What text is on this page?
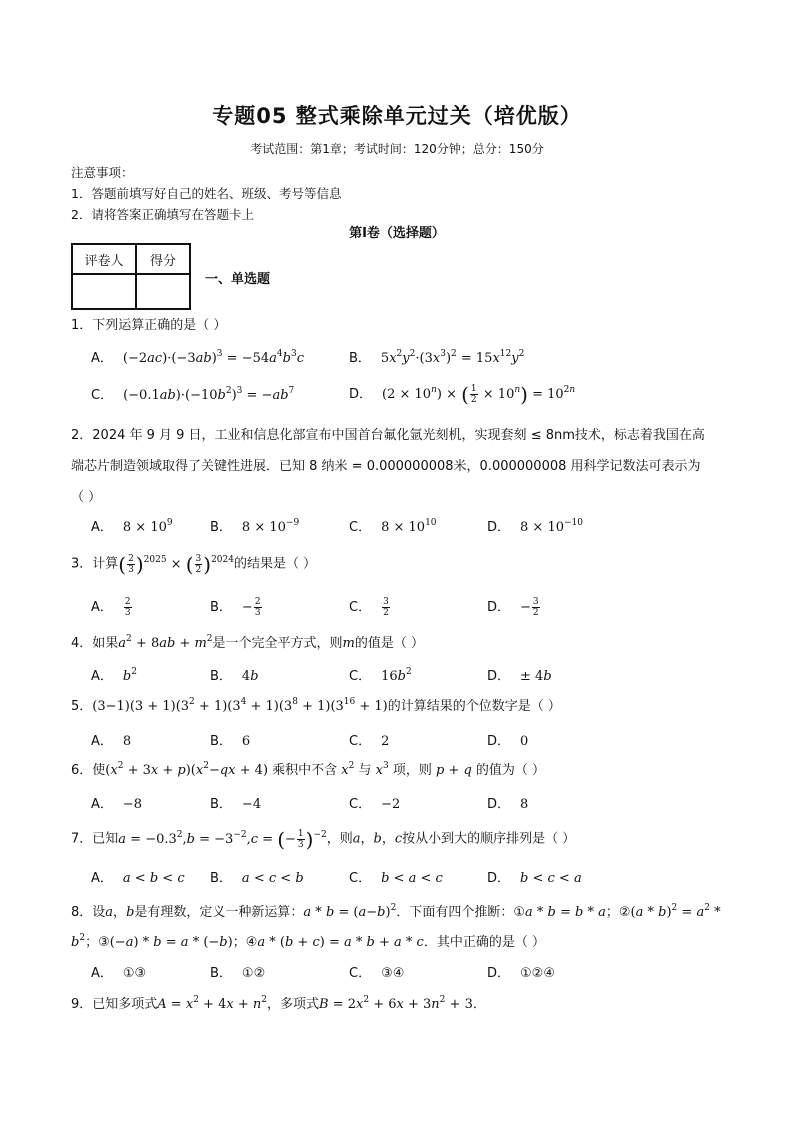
专题05 整式乘除单元过关（培优版）
考试范围：第1章；考试时间：120分钟；总分：150分
注意事项：
1．答题前填写好自己的姓名、班级、考号等信息
2．请将答案正确填写在答题卡上
第I卷（选择题）
评卷人	得分

一、单选题
1．下列运算正确的是（ ）
A． $(-2ac)\cdot(-3ab)^3 = -54a^4b^3c$	B． $5x^2y^2\cdot(3x^3)^2 = 15x^{12}y^2$
C． $(-0.1ab)\cdot(-10b^2)^3 = -ab^7$	D． $(2 \times 10^n)$ × ( $\frac{1}{2} \times 10^n) = 10^{2n}$
2．2024 年 9 月 9 日，工业和信息化部宣布中国首台氟化氩光刻机，实现套刻 ≤ 8nm技术，标志着我国在高
端芯片制造领域取得了关键性进展．已知 8 纳米 = 0.000000008米，0.000000008 用科学记数法可表示为
（ ）
A． $8 \times 10^9$	B． $8 \times 10^{-9}$	C． $8 \times 10^{10}$	D． $8 \times 10^{-10}$
3．计算( $\frac{2}{3} )^{2025}$ × ( $\frac{3}{2} )^{2024}$的结果是（ ）
A． $\frac{2}{3}$	B． − $\frac{2}{3}$	C． $\frac{3}{2}$	D． − $\frac{3}{2}$
4．如果$a^2 + 8ab + m^2$是一个完全平方式，则m的值是（ ）
A． $b^2$	B． 4b	C． $16b^2$	D． ± 4b
5．$(3-1)(3 + 1)(3^2 + 1)(3^4 + 1)(3^8 + 1)(3^{16} + 1)$的计算结果的个位数字是（ ）
A． 8	B． 6	C． 2	D． 0
6．使$(x^2 + 3x + p)(x^2-qx + 4)$ 乘积中不含 $x^2$ 与 $x^3$ 项，则 p + q 的值为（ ）
A． −8	B． −4	C． −2	D． 8
7．已知$a = -0.3^2,b = -3^{-2},c$ = (− $\frac{1}{3} )^{-2}$，则a，b，c按从小到大的顺序排列是（ ）
A． a < b < c B． a < c < b	C． b < a < c	D． b < c < a
8．设a，b是有理数，定义一种新运算：$a * b = (a-b)^2$．下面有四个推断：①a * b = b * a；②(a * $b)^2 = a^2 * b^2$；③(−a) * b = a * (−b)；④a * (b + c) = a * b + a * c．其中正确的是（ ）
A． ①③	B． ①②	C． ③④	D． ①②④
9．已知多项式$A = x^2 + 4x + n^2$，多项式$B = 2x^2 + 6x + 3n^2 + 3$．
